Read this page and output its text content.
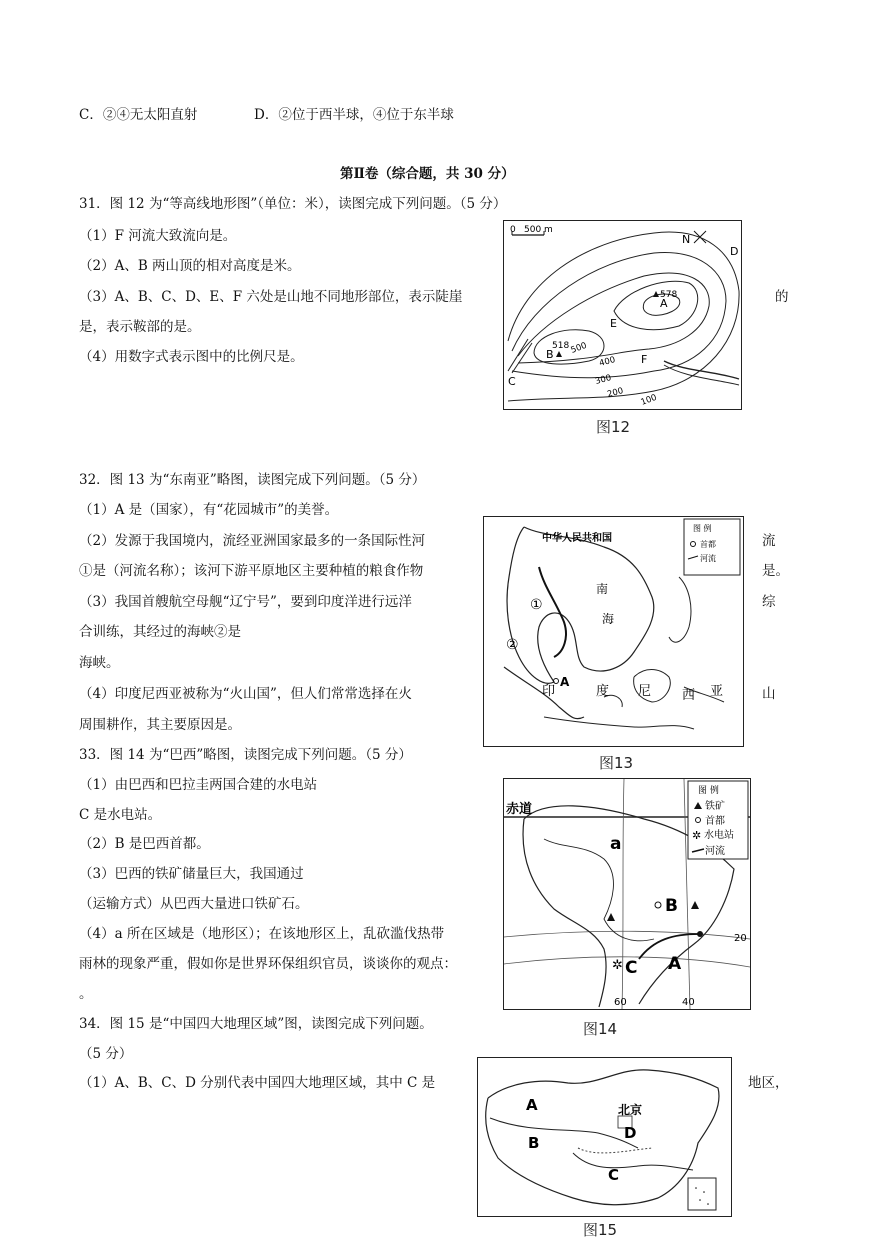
C．②④无太阳直射	D．②位于西半球，④位于东半球
第Ⅱ卷（综合题，共 30 分）
31．图 12 为“等高线地形图”（单位：米），读图完成下列问题。（5 分）
（1）F 河流大致流向是。
（2）A、B 两山顶的相对高度是米。
（3）A、B、C、D、E、F 六处是山地不同地形部位，表示陡崖	的
是，表示鞍部的是。
（4）用数字式表示图中的比例尺是。
0 500 m
N
A
578
B
518
C
D
E
F
500
400
300
200 100
图12
32．图 13 为“东南亚”略图，读图完成下列问题。（5 分）
（1）A 是（国家），有“花园城市”的美誉。
（2）发源于我国境内，流经亚洲国家最多的一条国际性河	流
①是（河流名称）；该河下游平原地区主要种植的粮食作物	是。
（3）我国首艘航空母舰“辽宁号”，要到印度洋进行远洋	综
合训练，其经过的海峡②是
海峡。
（4）印度尼西亚被称为“火山国”，但人们常常选择在火	山
周围耕作，其主要原因是。
图 例
首都
河流
中华人民共和国
南
海
印	度 尼 西 亚
①
②
A
图13
33．图 14 为“巴西”略图，读图完成下列问题。（5 分）
（1）由巴西和巴拉圭两国合建的水电站
C 是水电站。
（2）B 是巴西首都。
（3）巴西的铁矿储量巨大，我国通过
（运输方式）从巴西大量进口铁矿石。
（4）a 所在区域是（地形区）；在该地形区上，乱砍滥伐热带
雨林的现象严重，假如你是世界环保组织官员，谈谈你的观点：
。
图 例
铁矿
首都
✲ 水电站
河流
赤道
a
B
A
✲ C
20
60	40
图14
34．图 15 是“中国四大地理区域”图，读图完成下列问题。
（5 分）
（1）A、B、C、D 分别代表中国四大地理区域，其中 C 是	地区，
北京
A
B
C
D
图15
